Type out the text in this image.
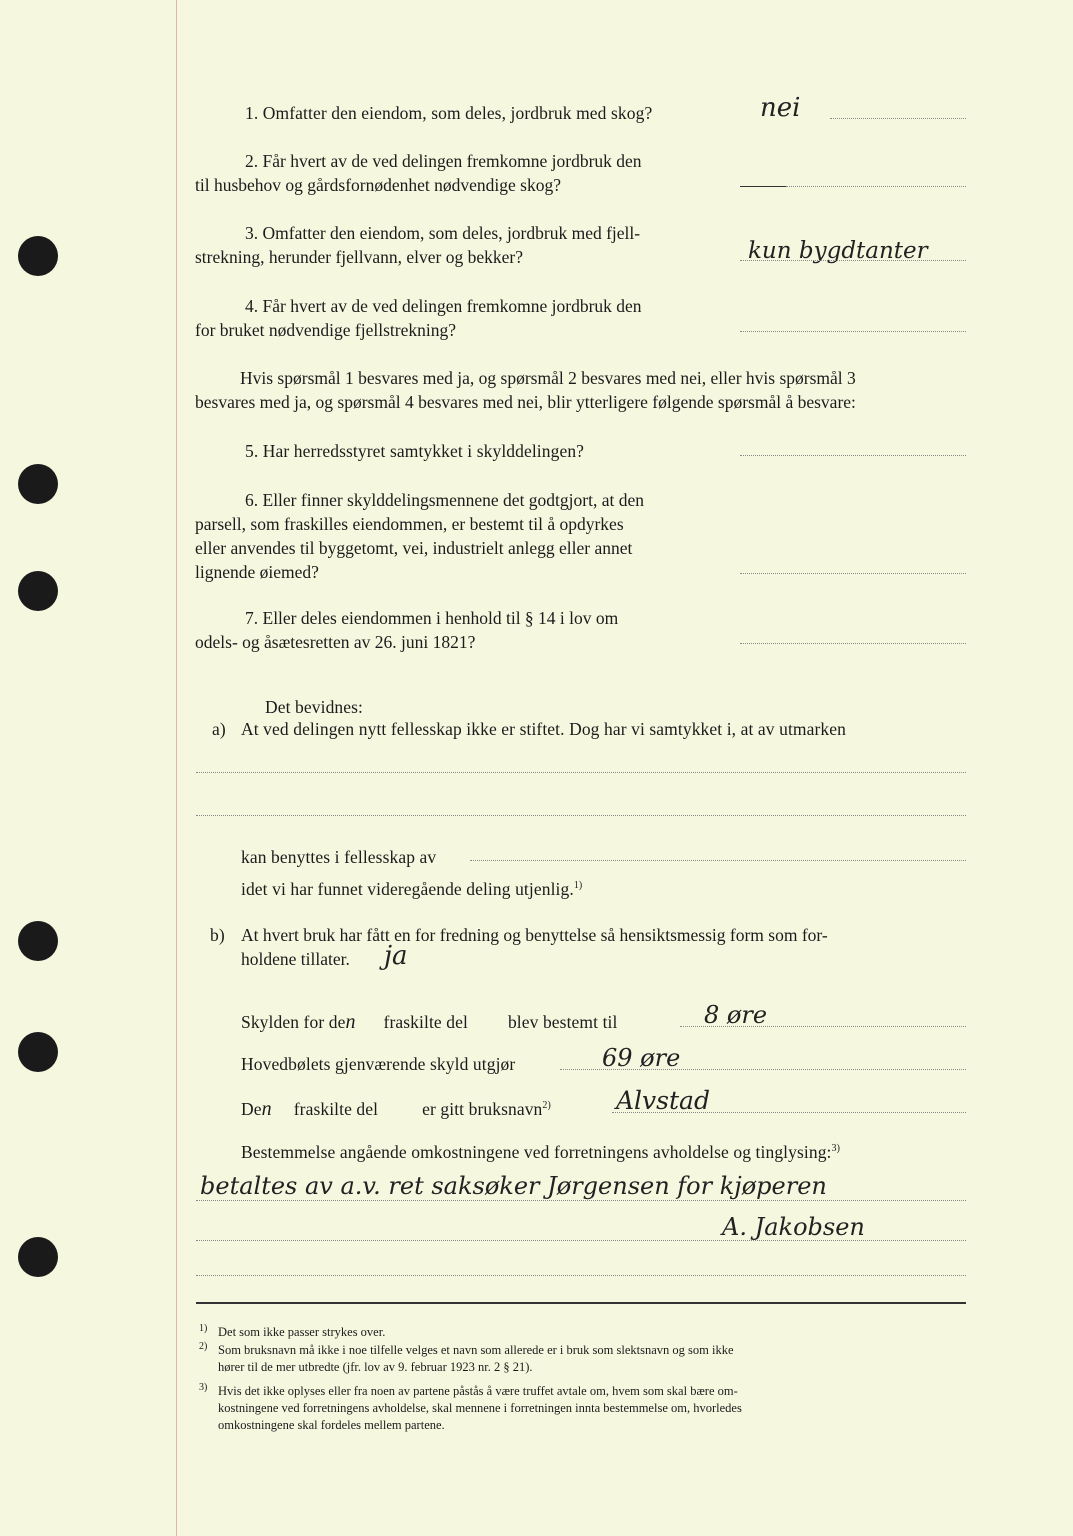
1. Omfatter den eiendom, som deles, jordbruk med skog?	nei
2. Får hvert av de ved delingen fremkomne jordbruk den
til husbehov og gårdsfornødenhet nødvendige skog?
3. Omfatter den eiendom, som deles, jordbruk med fjell-
strekning, herunder fjellvann, elver og bekker?	kun bygdtanter
4. Får hvert av de ved delingen fremkomne jordbruk den
for bruket nødvendige fjellstrekning?
Hvis spørsmål 1 besvares med ja, og spørsmål 2 besvares med nei, eller hvis spørsmål 3
besvares med ja, og spørsmål 4 besvares med nei, blir ytterligere følgende spørsmål å besvare:
5. Har herredsstyret samtykket i skylddelingen?
6. Eller finner skylddelingsmennene det godtgjort, at den
parsell, som fraskilles eiendommen, er bestemt til å opdyrkes
eller anvendes til byggetomt, vei, industrielt anlegg eller annet
lignende øiemed?
7. Eller deles eiendommen i henhold til § 14 i lov om
odels- og åsætesretten av 26. juni 1821?
Det bevidnes:
a) At ved delingen nytt fellesskap ikke er stiftet. Dog har vi samtykket i, at av utmarken
kan benyttes i fellesskap av
idet vi har funnet videregående deling utjenlig.$^{1)}$
b) At hvert bruk har fått en for fredning og benyttelse så hensiktsmessig form som for-
holdene tillater.	ja
Skylden for den fraskilte del blev bestemt til	8 øre
Hovedbølets gjenværende skyld utgjør	69 øre
Den fraskilte del	er gitt bruksnavn$^{2)}$	Alvstad
Bestemmelse angående omkostningene ved forretningens avholdelse og tinglysing:$^{3)}$
betaltes av a.v. ret saksøker Jørgensen for kjøperen
A. Jakobsen
1) Det som ikke passer strykes over.
2) Som bruksnavn må ikke i noe tilfelle velges et navn som allerede er i bruk som slektsnavn og som ikke
hører til de mer utbredte (jfr. lov av 9. februar 1923 nr. 2 § 21).
3) Hvis det ikke oplyses eller fra noen av partene påstås å være truffet avtale om, hvem som skal bære om-
kostningene ved forretningens avholdelse, skal mennene i forretningen innta bestemmelse om, hvorledes
omkostningene skal fordeles mellem partene.
